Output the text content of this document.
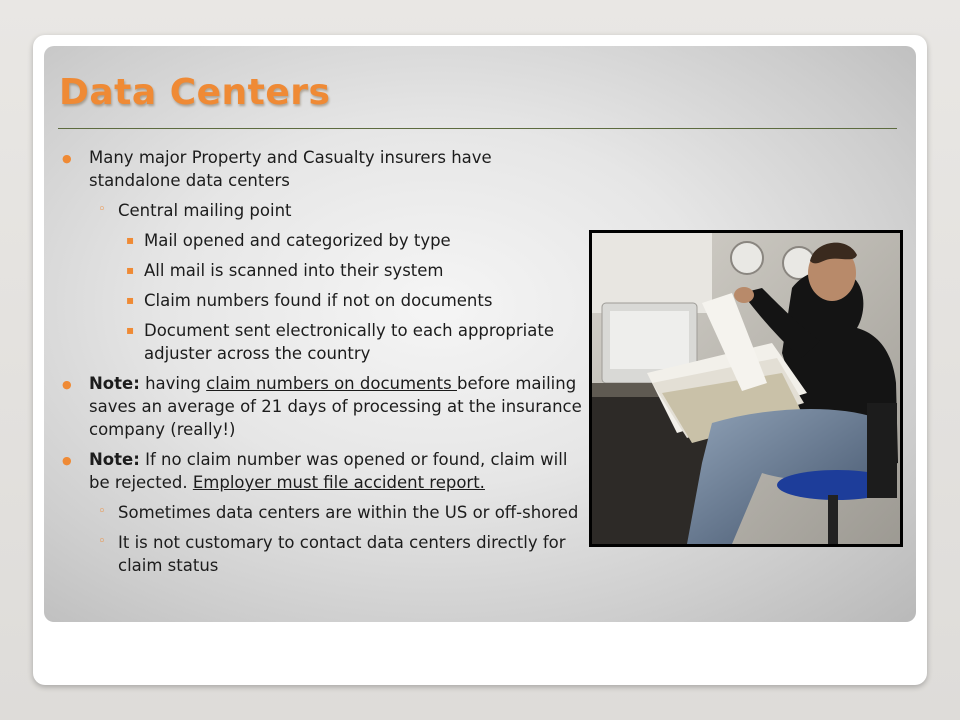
Data Centers
● Many major Property and Casualty insurers have standalone data centers
◦ Central mailing point
▪ Mail opened and categorized by type
▪ All mail is scanned into their system
▪ Claim numbers found if not on documents
▪ Document sent electronically to each appropriate adjuster across the country
● Note: having claim numbers on documents before mailing saves an average of 21 days of processing at the insurance company (really!)
● Note: If no claim number was opened or found, claim will be rejected. Employer must file accident report.
◦ Sometimes data centers are within the US or off-shored
◦ It is not customary to contact data centers directly for claim status
